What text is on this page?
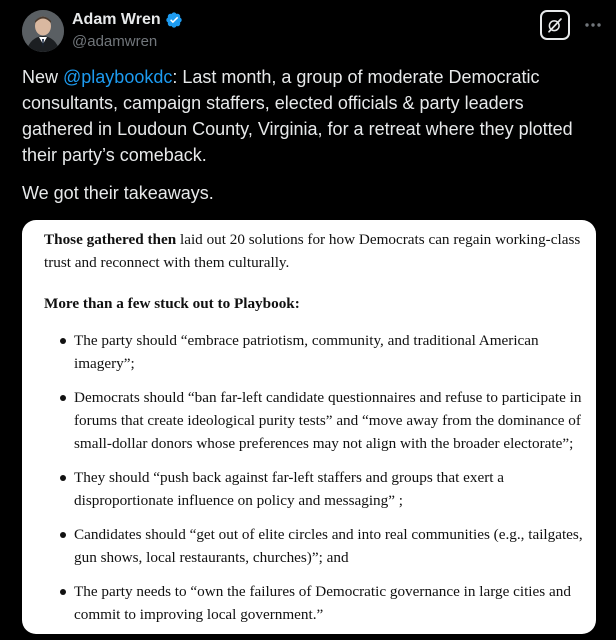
Adam Wren
@adamwren

New @playbookdc: Last month, a group of moderate Democratic consultants, campaign staffers, elected officials & party leaders gathered in Loudoun County, Virginia, for a retreat where they plotted their party’s comeback.

We got their takeaways.

Those gathered then laid out 20 solutions for how Democrats can regain working-class trust and reconnect with them culturally.

More than a few stuck out to Playbook:

The party should “embrace patriotism, community, and traditional American imagery”;
Democrats should “ban far-left candidate questionnaires and refuse to participate in forums that create ideological purity tests” and “move away from the dominance of small-dollar donors whose preferences may not align with the broader electorate”;
They should “push back against far-left staffers and groups that exert a disproportionate influence on policy and messaging” ;
Candidates should “get out of elite circles and into real communities (e.g., tailgates, gun shows, local restaurants, churches)”; and
The party needs to “own the failures of Democratic governance in large cities and commit to improving local government.”
